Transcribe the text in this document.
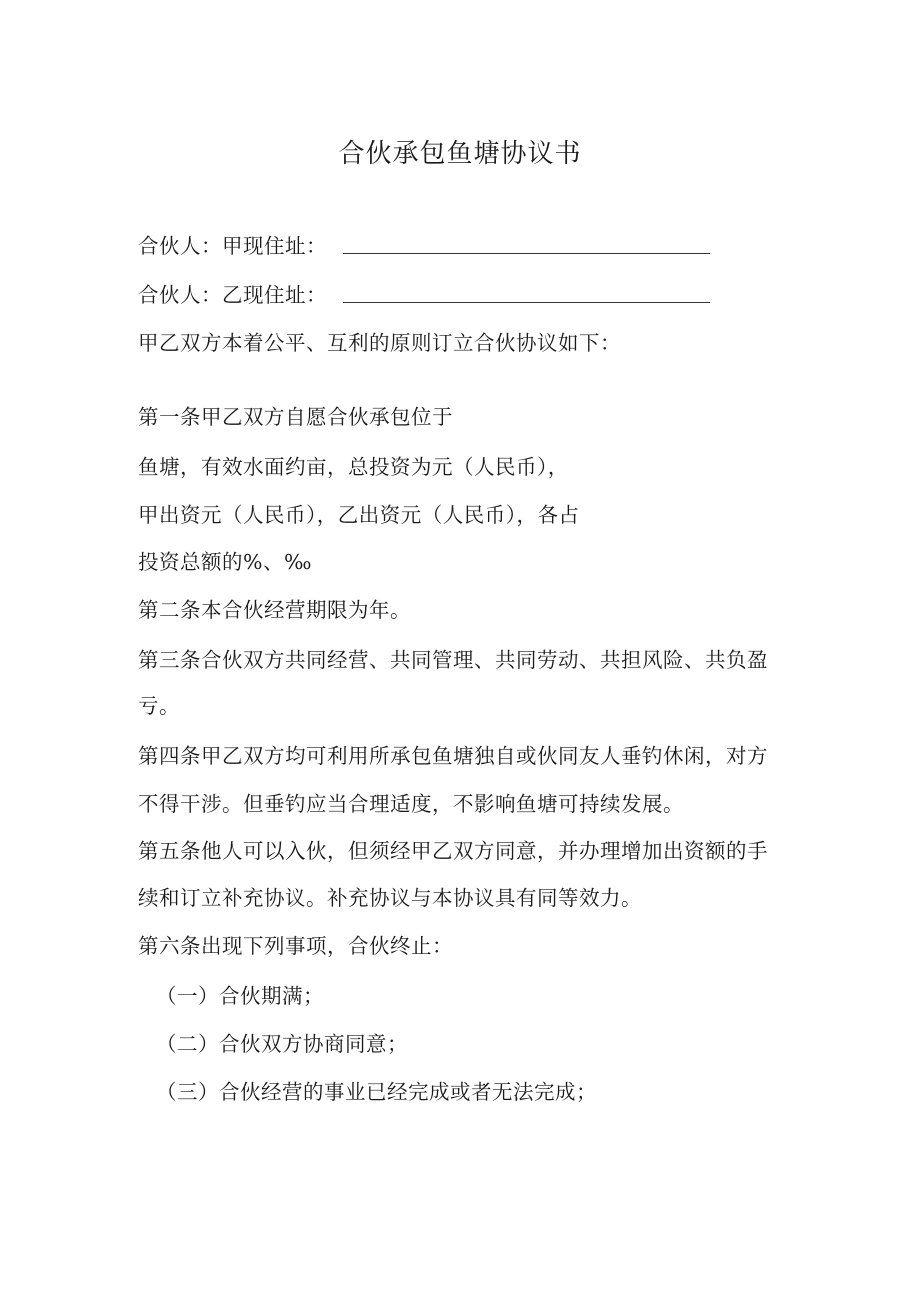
合伙承包鱼塘协议书
合伙人：甲现住址：
合伙人：乙现住址：
甲乙双方本着公平、互利的原则订立合伙协议如下：
第一条甲乙双方自愿合伙承包位于
鱼塘，有效水面约亩，总投资为元（人民币），
甲出资元（人民币），乙出资元（人民币），各占
投资总额的%、‰
第二条本合伙经营期限为年。
第三条合伙双方共同经营、共同管理、共同劳动、共担风险、共负盈
亏。
第四条甲乙双方均可利用所承包鱼塘独自或伙同友人垂钓休闲，对方
不得干涉。但垂钓应当合理适度，不影响鱼塘可持续发展。
第五条他人可以入伙，但须经甲乙双方同意，并办理增加出资额的手
续和订立补充协议。补充协议与本协议具有同等效力。
第六条出现下列事项，合伙终止：
（一）合伙期满；
（二）合伙双方协商同意；
（三）合伙经营的事业已经完成或者无法完成；
